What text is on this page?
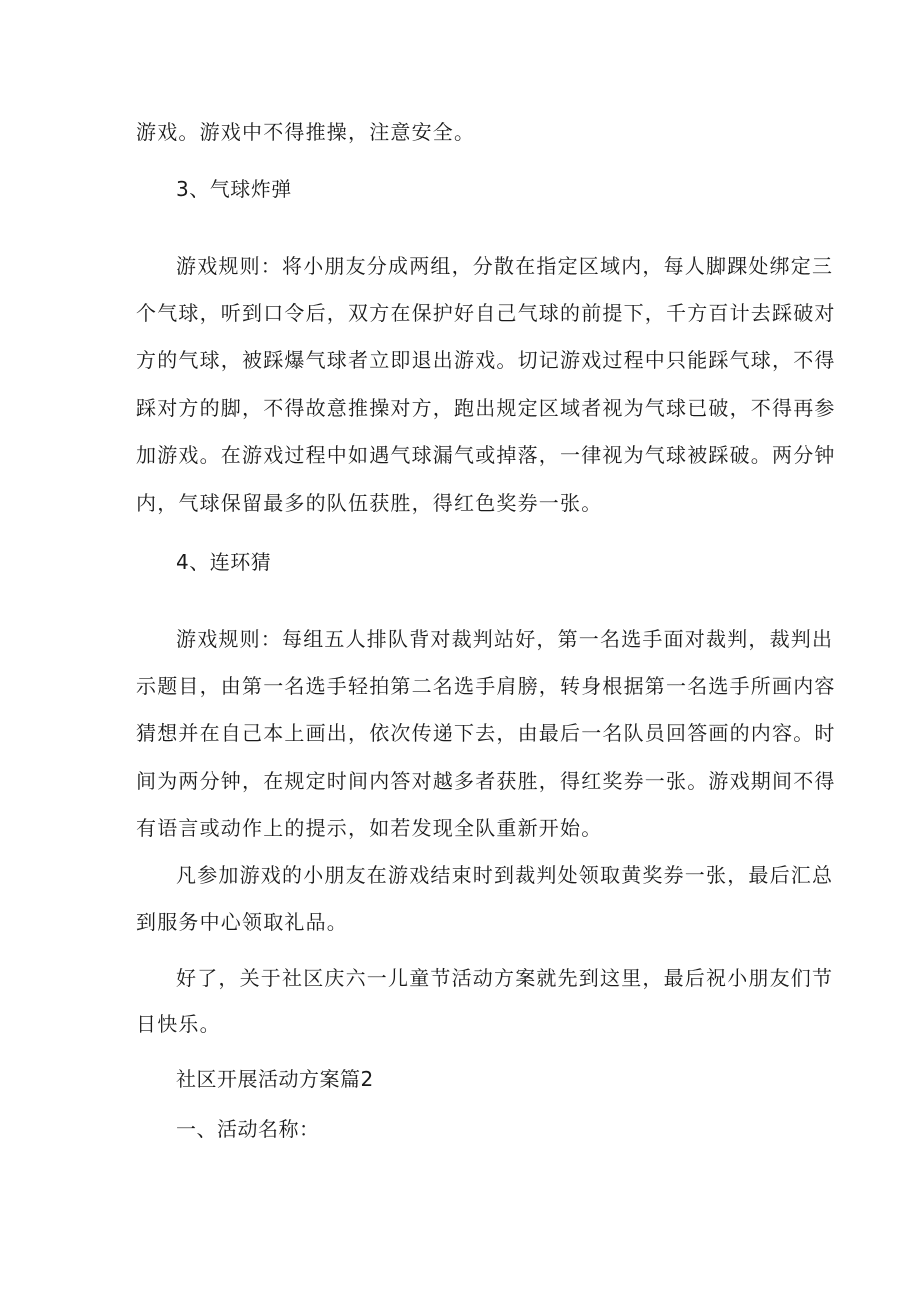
游戏。游戏中不得推操，注意安全。
3、气球炸弹
游戏规则：将小朋友分成两组，分散在指定区域内，每人脚踝处绑定三
个气球，听到口令后，双方在保护好自己气球的前提下，千方百计去踩破对
方的气球，被踩爆气球者立即退出游戏。切记游戏过程中只能踩气球，不得
踩对方的脚，不得故意推操对方，跑出规定区域者视为气球已破，不得再参
加游戏。在游戏过程中如遇气球漏气或掉落，一律视为气球被踩破。两分钟
内，气球保留最多的队伍获胜，得红色奖券一张。
4、连环猜
游戏规则：每组五人排队背对裁判站好，第一名选手面对裁判，裁判出
示题目，由第一名选手轻拍第二名选手肩膀，转身根据第一名选手所画内容
猜想并在自己本上画出，依次传递下去，由最后一名队员回答画的内容。时
间为两分钟，在规定时间内答对越多者获胜，得红奖券一张。游戏期间不得
有语言或动作上的提示，如若发现全队重新开始。
凡参加游戏的小朋友在游戏结束时到裁判处领取黄奖券一张，最后汇总
到服务中心领取礼品。
好了，关于社区庆六一儿童节活动方案就先到这里，最后祝小朋友们节
日快乐。
社区开展活动方案篇2
一、活动名称：
